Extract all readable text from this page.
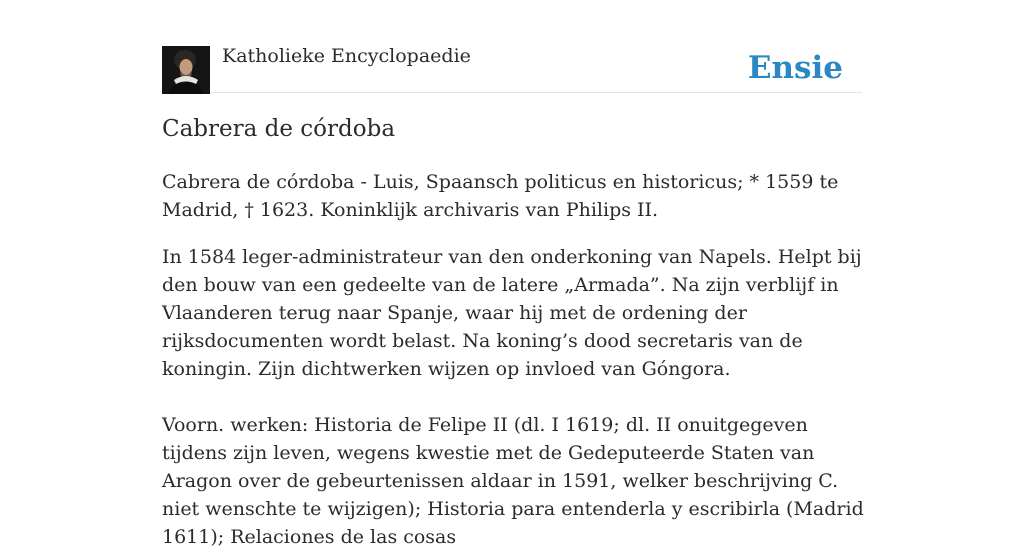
Katholieke Encyclopaedie	Ensie
Cabrera de córdoba

Cabrera de córdoba - Luis, Spaansch politicus en historicus; * 1559 te Madrid, † 1623. Koninklijk archivaris van Philips II.

In 1584 leger-administrateur van den onderkoning van Napels. Helpt bij den bouw van een gedeelte van de latere „Armada”. Na zijn verblijf in Vlaanderen terug naar Spanje, waar hij met de ordening der rijksdocumenten wordt belast. Na koning’s dood secretaris van de koningin. Zijn dichtwerken wijzen op invloed van Góngora.

Voorn. werken: Historia de Felipe II (dl. I 1619; dl. II onuitgegeven tijdens zijn leven, wegens kwestie met de Gedeputeerde Staten van Aragon over de gebeurtenissen aldaar in 1591, welker beschrijving C. niet wenschte te wijzigen); Historia para entenderla y escribirla (Madrid 1611); Relaciones de las cosas
